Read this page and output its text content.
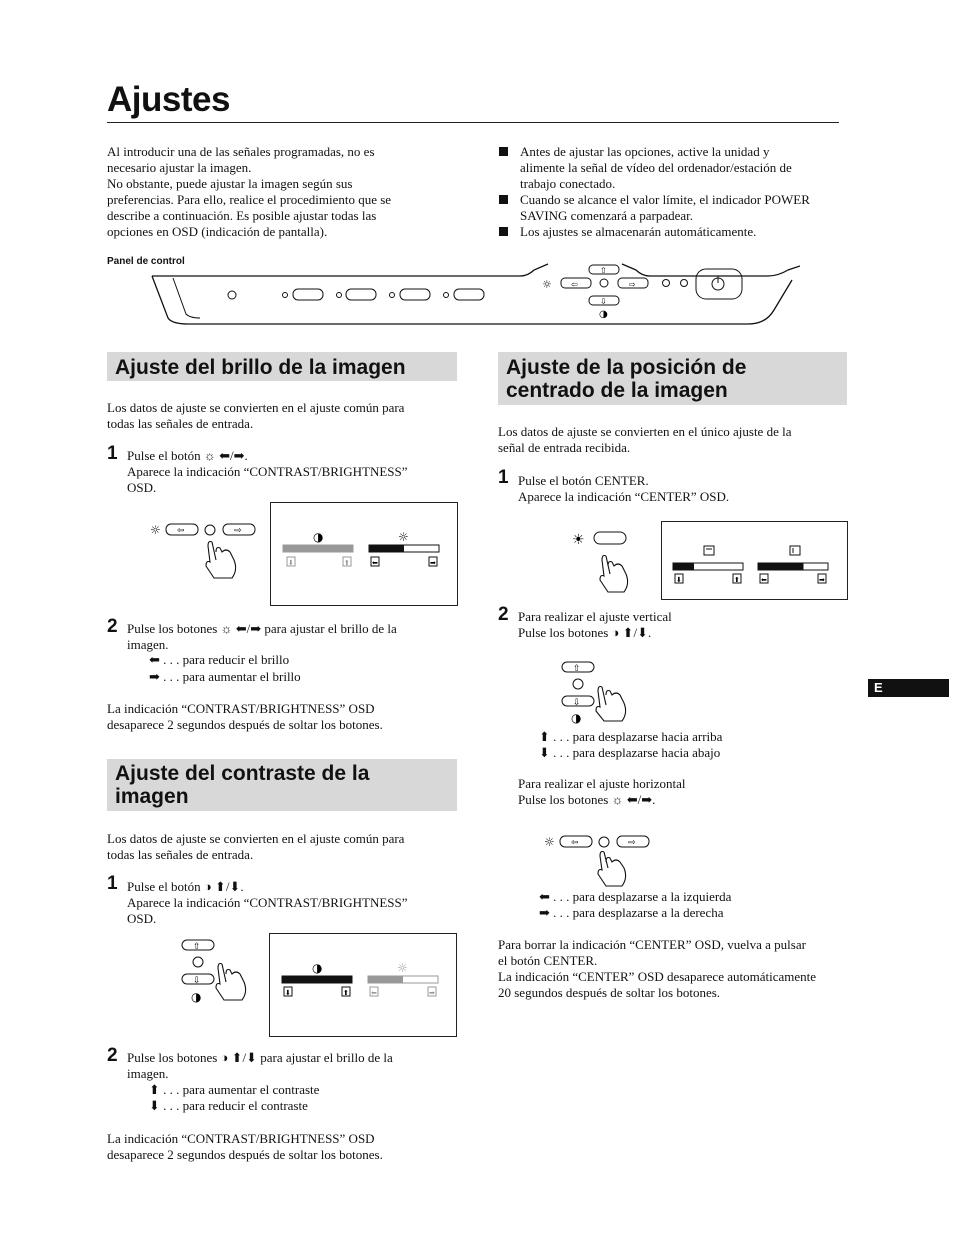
Ajustes
Al introducir una de las señales programadas, no es
necesario ajustar la imagen.
No obstante, puede ajustar la imagen según sus
preferencias. Para ello, realice el procedimiento que se
describe a continuación. Es posible ajustar todas las
opciones en OSD (indicación de pantalla).
Antes de ajustar las opciones, active la unidad y
alimente la señal de vídeo del ordenador/estación de
trabajo conectado.
Cuando se alcance el valor límite, el indicador POWER
SAVING comenzará a parpadear.
Los ajustes se almacenarán automáticamente.
Panel de control
☼
⇧
⇦	⇨
⇩
◑
Ajuste del brillo de la imagen
Los datos de ajuste se convierten en el ajuste común para
todas las señales de entrada.
1 Pulse el botón ☼ ⬅/➡.
Aparece la indicación “CONTRAST/BRIGHTNESS”
OSD.
☼ ⇦	⇨	◑
⬇	⬆
☼
⬅	➡
2 Pulse los botones ☼ ⬅/➡ para ajustar el brillo de la
imagen.
⬅ . . . para reducir el brillo
➡ . . . para aumentar el brillo
La indicación “CONTRAST/BRIGHTNESS” OSD
desaparece 2 segundos después de soltar los botones.
Ajuste del contraste de la
imagen
Los datos de ajuste se convierten en el ajuste común para
todas las señales de entrada.
1 Pulse el botón ◑ ⬆/⬇.
Aparece la indicación “CONTRAST/BRIGHTNESS”
OSD.
⇧
⇩
◑
◑
⬇	⬆
☼
⬅	➡
2 Pulse los botones ◑ ⬆/⬇ para ajustar el brillo de la
imagen.
⬆ . . . para aumentar el contraste
⬇ . . . para reducir el contraste
La indicación “CONTRAST/BRIGHTNESS” OSD
desaparece 2 segundos después de soltar los botones.
Ajuste de la posición de
centrado de la imagen
Los datos de ajuste se convierten en el único ajuste de la
señal de entrada recibida.
1 Pulse el botón CENTER.
Aparece la indicación “CENTER” OSD.
☀
⬇	⬆	⬅	➡
2 Para realizar el ajuste vertical
Pulse los botones ◑ ⬆/⬇.
⇧
⇩
◑
⬆ . . . para desplazarse hacia arriba
⬇ . . . para desplazarse hacia abajo
Para realizar el ajuste horizontal
Pulse los botones ☼ ⬅/➡.
☼ ⇦	⇨
⬅ . . . para desplazarse a la izquierda
➡ . . . para desplazarse a la derecha
Para borrar la indicación “CENTER” OSD, vuelva a pulsar
el botón CENTER.
La indicación “CENTER” OSD desaparece automáticamente
20 segundos después de soltar los botones.
E
